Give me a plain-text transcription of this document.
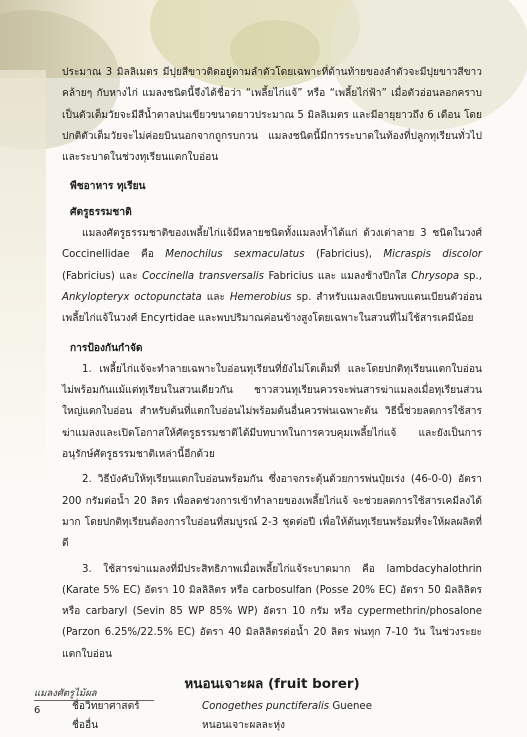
ประมาณ 3 มิลลิเมตร มีปุยสีขาวติดอยู่ตามลำตัวโดยเฉพาะที่ด้านท้ายของลำตัวจะมีปุยขาวสีขาวคล้ายๆ กับหางไก่ แมลงชนิดนี้จึงได้ชื่อว่า “เพลี้ยไก่แจ้” หรือ “เพลี้ยไก่ฟ้า” เมื่อตัวอ่อนลอกคราบเป็นตัวเต็มวัยจะมีสีน้ำตาลปนเขียวขนาดยาวประมาณ 5 มิลลิเมตร และมีอายุยาวถึง 6 เดือน โดยปกติตัวเต็มวัยจะไม่ค่อยบินนอกจากถูกรบกวน แมลงชนิดนี้มีการระบาดในท้องที่ปลูกทุเรียนทั่วไป และระบาดในช่วงทุเรียนแตกใบอ่อน

พืชอาหาร ทุเรียน

ศัตรูธรรมชาติ

แมลงศัตรูธรรมชาติของเพลี้ยไก่แจ้มีหลายชนิดทั้งแมลงห้ำได้แก่ ด้วงเต่าลาย 3 ชนิดในวงศ์ Coccinellidae คือ Menochilus sexmaculatus (Fabricius), Micraspis discolor (Fabricius) และ Coccinella transversalis Fabricius และ แมลงช้างปีกใส Chrysopa sp., Ankylopteryx octopunctata และ Hemerobius sp. สำหรับแมลงเบียนพบแตนเบียนตัวอ่อนเพลี้ยไก่แจ้ในวงศ์ Encyrtidae และพบปริมาณค่อนข้างสูงโดยเฉพาะในสวนที่ไม่ใช้สารเคมีน้อย

การป้องกันกำจัด

1. เพลี้ยไก่แจ้จะทำลายเฉพาะใบอ่อนทุเรียนที่ยังไม่โตเต็มที่ และโดยปกติทุเรียนแตกใบอ่อนไม่พร้อมกันแม้แต่ทุเรียนในสวนเดียวกัน ชาวสวนทุเรียนควรจะพ่นสารฆ่าแมลงเมื่อทุเรียนส่วนใหญ่แตกใบอ่อน สำหรับต้นที่แตกใบอ่อนไม่พร้อมต้นอื่นควรพ่นเฉพาะต้น วิธีนี้ช่วยลดการใช้สารฆ่าแมลงและเปิดโอกาสให้ศัตรูธรรมชาติได้มีบทบาทในการควบคุมเพลี้ยไก่แจ้ และยังเป็นการอนุรักษ์ศัตรูธรรมชาติเหล่านี้อีกด้วย

2. วิธีบังคับให้ทุเรียนแตกใบอ่อนพร้อมกัน ซึ่งอาจกระตุ้นด้วยการพ่นปุ๋ยเร่ง (46-0-0) อัตรา 200 กรัมต่อน้ำ 20 ลิตร เพื่อลดช่วงการเข้าทำลายของเพลี้ยไก่แจ้ จะช่วยลดการใช้สารเคมีลงได้มาก โดยปกติทุเรียนต้องการใบอ่อนที่สมบูรณ์ 2-3 ชุดต่อปี เพื่อให้ต้นทุเรียนพร้อมที่จะให้ผลผลิตที่ดี

3. ใช้สารฆ่าแมลงที่มีประสิทธิภาพเมื่อเพลี้ยไก่แจ้ระบาดมาก คือ lambdacyhalothrin (Karate 5% EC) อัตรา 10 มิลลิลิตร หรือ carbosulfan (Posse 20% EC) อัตรา 50 มิลลิลิตร หรือ carbaryl (Sevin 85 WP 85% WP) อัตรา 10 กรัม หรือ cypermethrin/phosalone (Parzon 6.25%/22.5% EC) อัตรา 40 มิลลิลิตรต่อน้ำ 20 ลิตร พ่นทุก 7-10 วัน ในช่วงระยะแตกใบอ่อน

หนอนเจาะผล (fruit borer)
ชื่อวิทยาศาสตร์	Conogethes punctiferalis Guenee
ชื่ออื่น	หนอนเจาะผลละหุ่ง
แมลงศัตรูไม้ผล
6
